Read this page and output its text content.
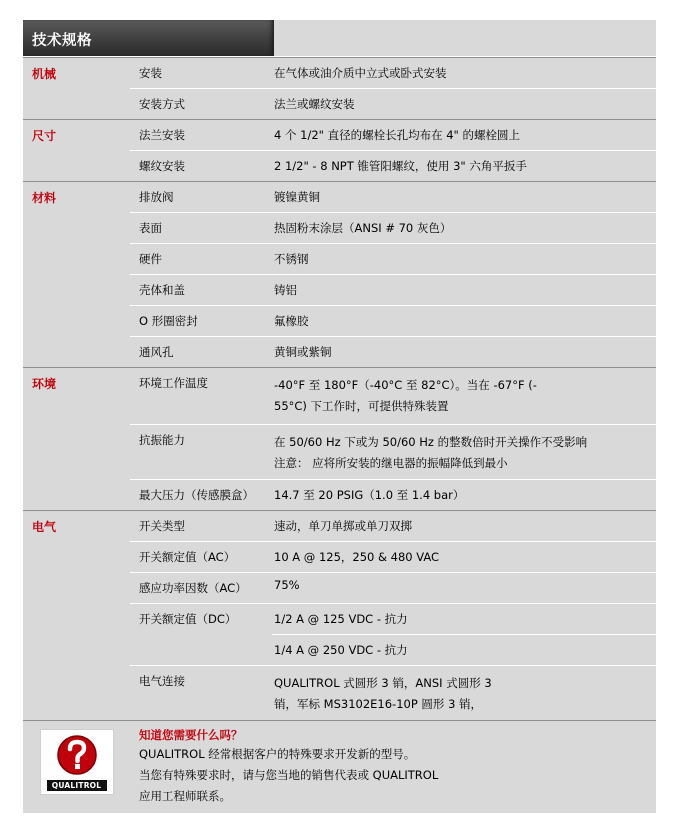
技术规格
机械	安装	在气体或油介质中立式或卧式安装
安装方式	法兰或螺纹安装
尺寸	法兰安装	4 个 1/2" 直径的螺栓长孔均布在 4" 的螺栓圆上
螺纹安装	2 1/2" - 8 NPT 锥管阳螺纹，使用 3" 六角平扳手
材料	排放阀	镀镍黄铜
表面	热固粉末涂层（ANSI # 70 灰色）
硬件	不锈钢
壳体和盖	铸铝
O 形圈密封	氟橡胶
通风孔	黄铜或紫铜
环境	环境工作温度	-40°F 至 180°F（-40°C 至 82°C）。当在 -67°F (-
55°C) 下工作时，可提供特殊装置
抗振能力	在 50/60 Hz 下或为 50/60 Hz 的整数倍时开关操作不受影响
注意： 应将所安装的继电器的振幅降低到最小
最大压力（传感膜盒）	14.7 至 20 PSIG（1.0 至 1.4 bar）
电气	开关类型	速动，单刀单掷或单刀双掷
开关额定值（AC）	10 A @ 125，250 & 480 VAC
感应功率因数（AC）	75%
开关额定值（DC）	1/2 A @ 125 VDC - 抗力
1/4 A @ 250 VDC - 抗力
电气连接	QUALITROL 式圆形 3 销，ANSI 式圆形 3
销，军标 MS3102E16-10P 圆形 3 销，
QUALITROL
知道您需要什么吗？
QUALITROL 经常根据客户的特殊要求开发新的型号。
当您有特殊要求时，请与您当地的销售代表或 QUALITROL
应用工程师联系。
